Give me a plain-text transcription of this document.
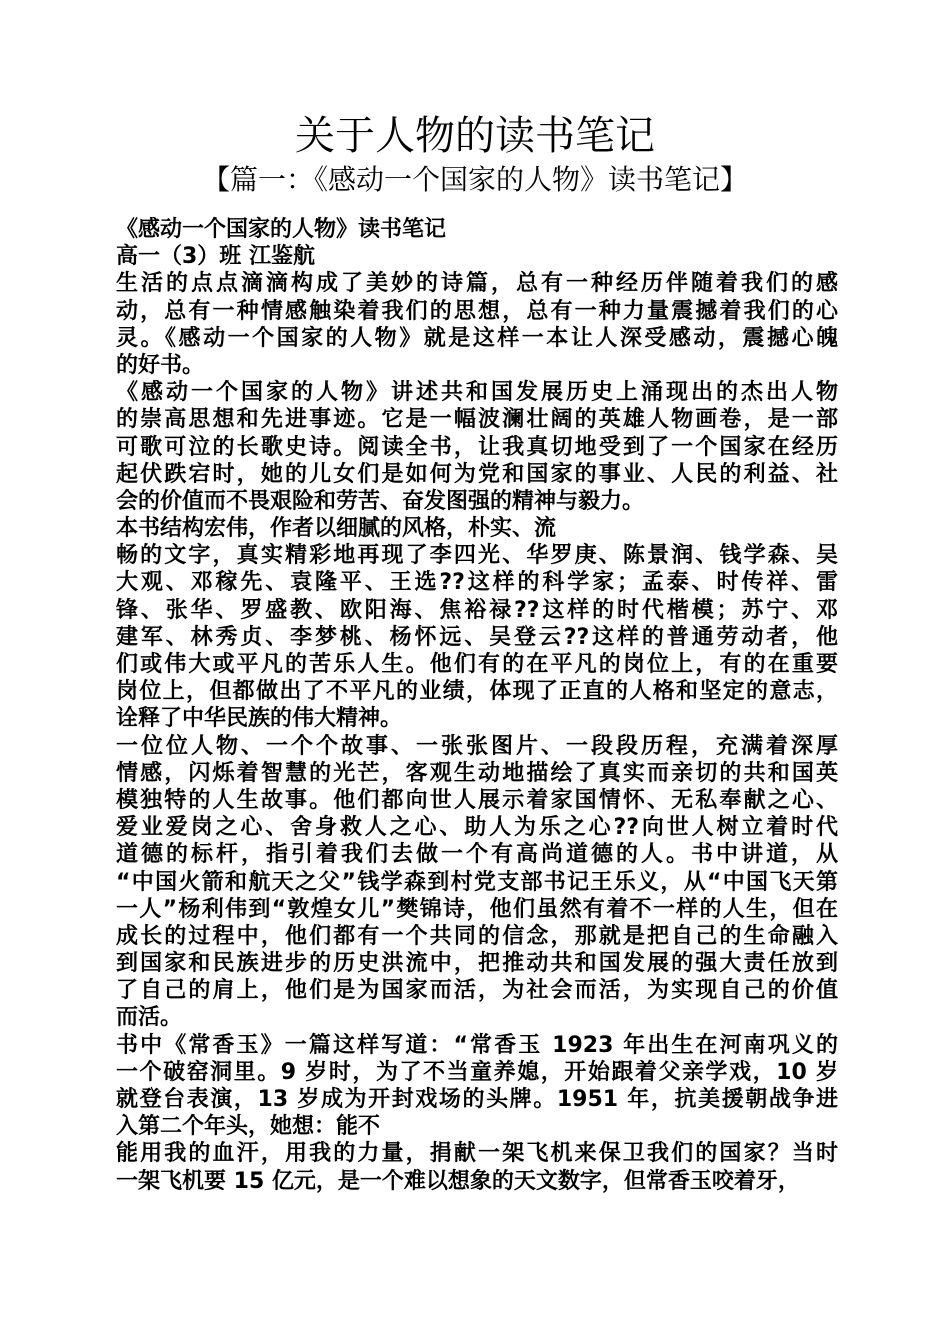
关于人物的读书笔记
【篇一：《感动一个国家的人物》读书笔记】
《感动一个国家的人物》读书笔记
高一（3）班 江鉴航
生活的点点滴滴构成了美妙的诗篇，总有一种经历伴随着我们的感
动，总有一种情感触染着我们的思想，总有一种力量震撼着我们的心
灵。《感动一个国家的人物》就是这样一本让人深受感动，震撼心魄
的好书。
《感动一个国家的人物》讲述共和国发展历史上涌现出的杰出人物
的崇高思想和先进事迹。它是一幅波澜壮阔的英雄人物画卷，是一部
可歌可泣的长歌史诗。阅读全书，让我真切地受到了一个国家在经历
起伏跌宕时，她的儿女们是如何为党和国家的事业、人民的利益、社
会的价值而不畏艰险和劳苦、奋发图强的精神与毅力。
本书结构宏伟，作者以细腻的风格，朴实、流
畅的文字，真实精彩地再现了李四光、华罗庚、陈景润、钱学森、吴
大观、邓稼先、袁隆平、王选??这样的科学家；孟泰、时传祥、雷
锋、张华、罗盛教、欧阳海、焦裕禄??这样的时代楷模；苏宁、邓
建军、林秀贞、李梦桃、杨怀远、吴登云??这样的普通劳动者，他
们或伟大或平凡的苦乐人生。他们有的在平凡的岗位上，有的在重要
岗位上，但都做出了不平凡的业绩，体现了正直的人格和坚定的意志，
诠释了中华民族的伟大精神。
一位位人物、一个个故事、一张张图片、一段段历程，充满着深厚
情感，闪烁着智慧的光芒，客观生动地描绘了真实而亲切的共和国英
模独特的人生故事。他们都向世人展示着家国情怀、无私奉献之心、
爱业爱岗之心、舍身救人之心、助人为乐之心??向世人树立着时代
道德的标杆，指引着我们去做一个有高尚道德的人。书中讲道，从
“中国火箭和航天之父”钱学森到村党支部书记王乐义，从“中国飞天第
一人”杨利伟到“敦煌女儿”樊锦诗，他们虽然有着不一样的人生，但在
成长的过程中，他们都有一个共同的信念，那就是把自己的生命融入
到国家和民族进步的历史洪流中，把推动共和国发展的强大责任放到
了自己的肩上，他们是为国家而活，为社会而活，为实现自己的价值
而活。
书中《常香玉》一篇这样写道：“常香玉 1923 年出生在河南巩义的
一个破窑洞里。9 岁时，为了不当童养媳，开始跟着父亲学戏，10 岁
就登台表演，13 岁成为开封戏场的头牌。1951 年，抗美援朝战争进
入第二个年头，她想：能不
能用我的血汗，用我的力量，捐献一架飞机来保卫我们的国家？当时
一架飞机要 15 亿元，是一个难以想象的天文数字，但常香玉咬着牙，
